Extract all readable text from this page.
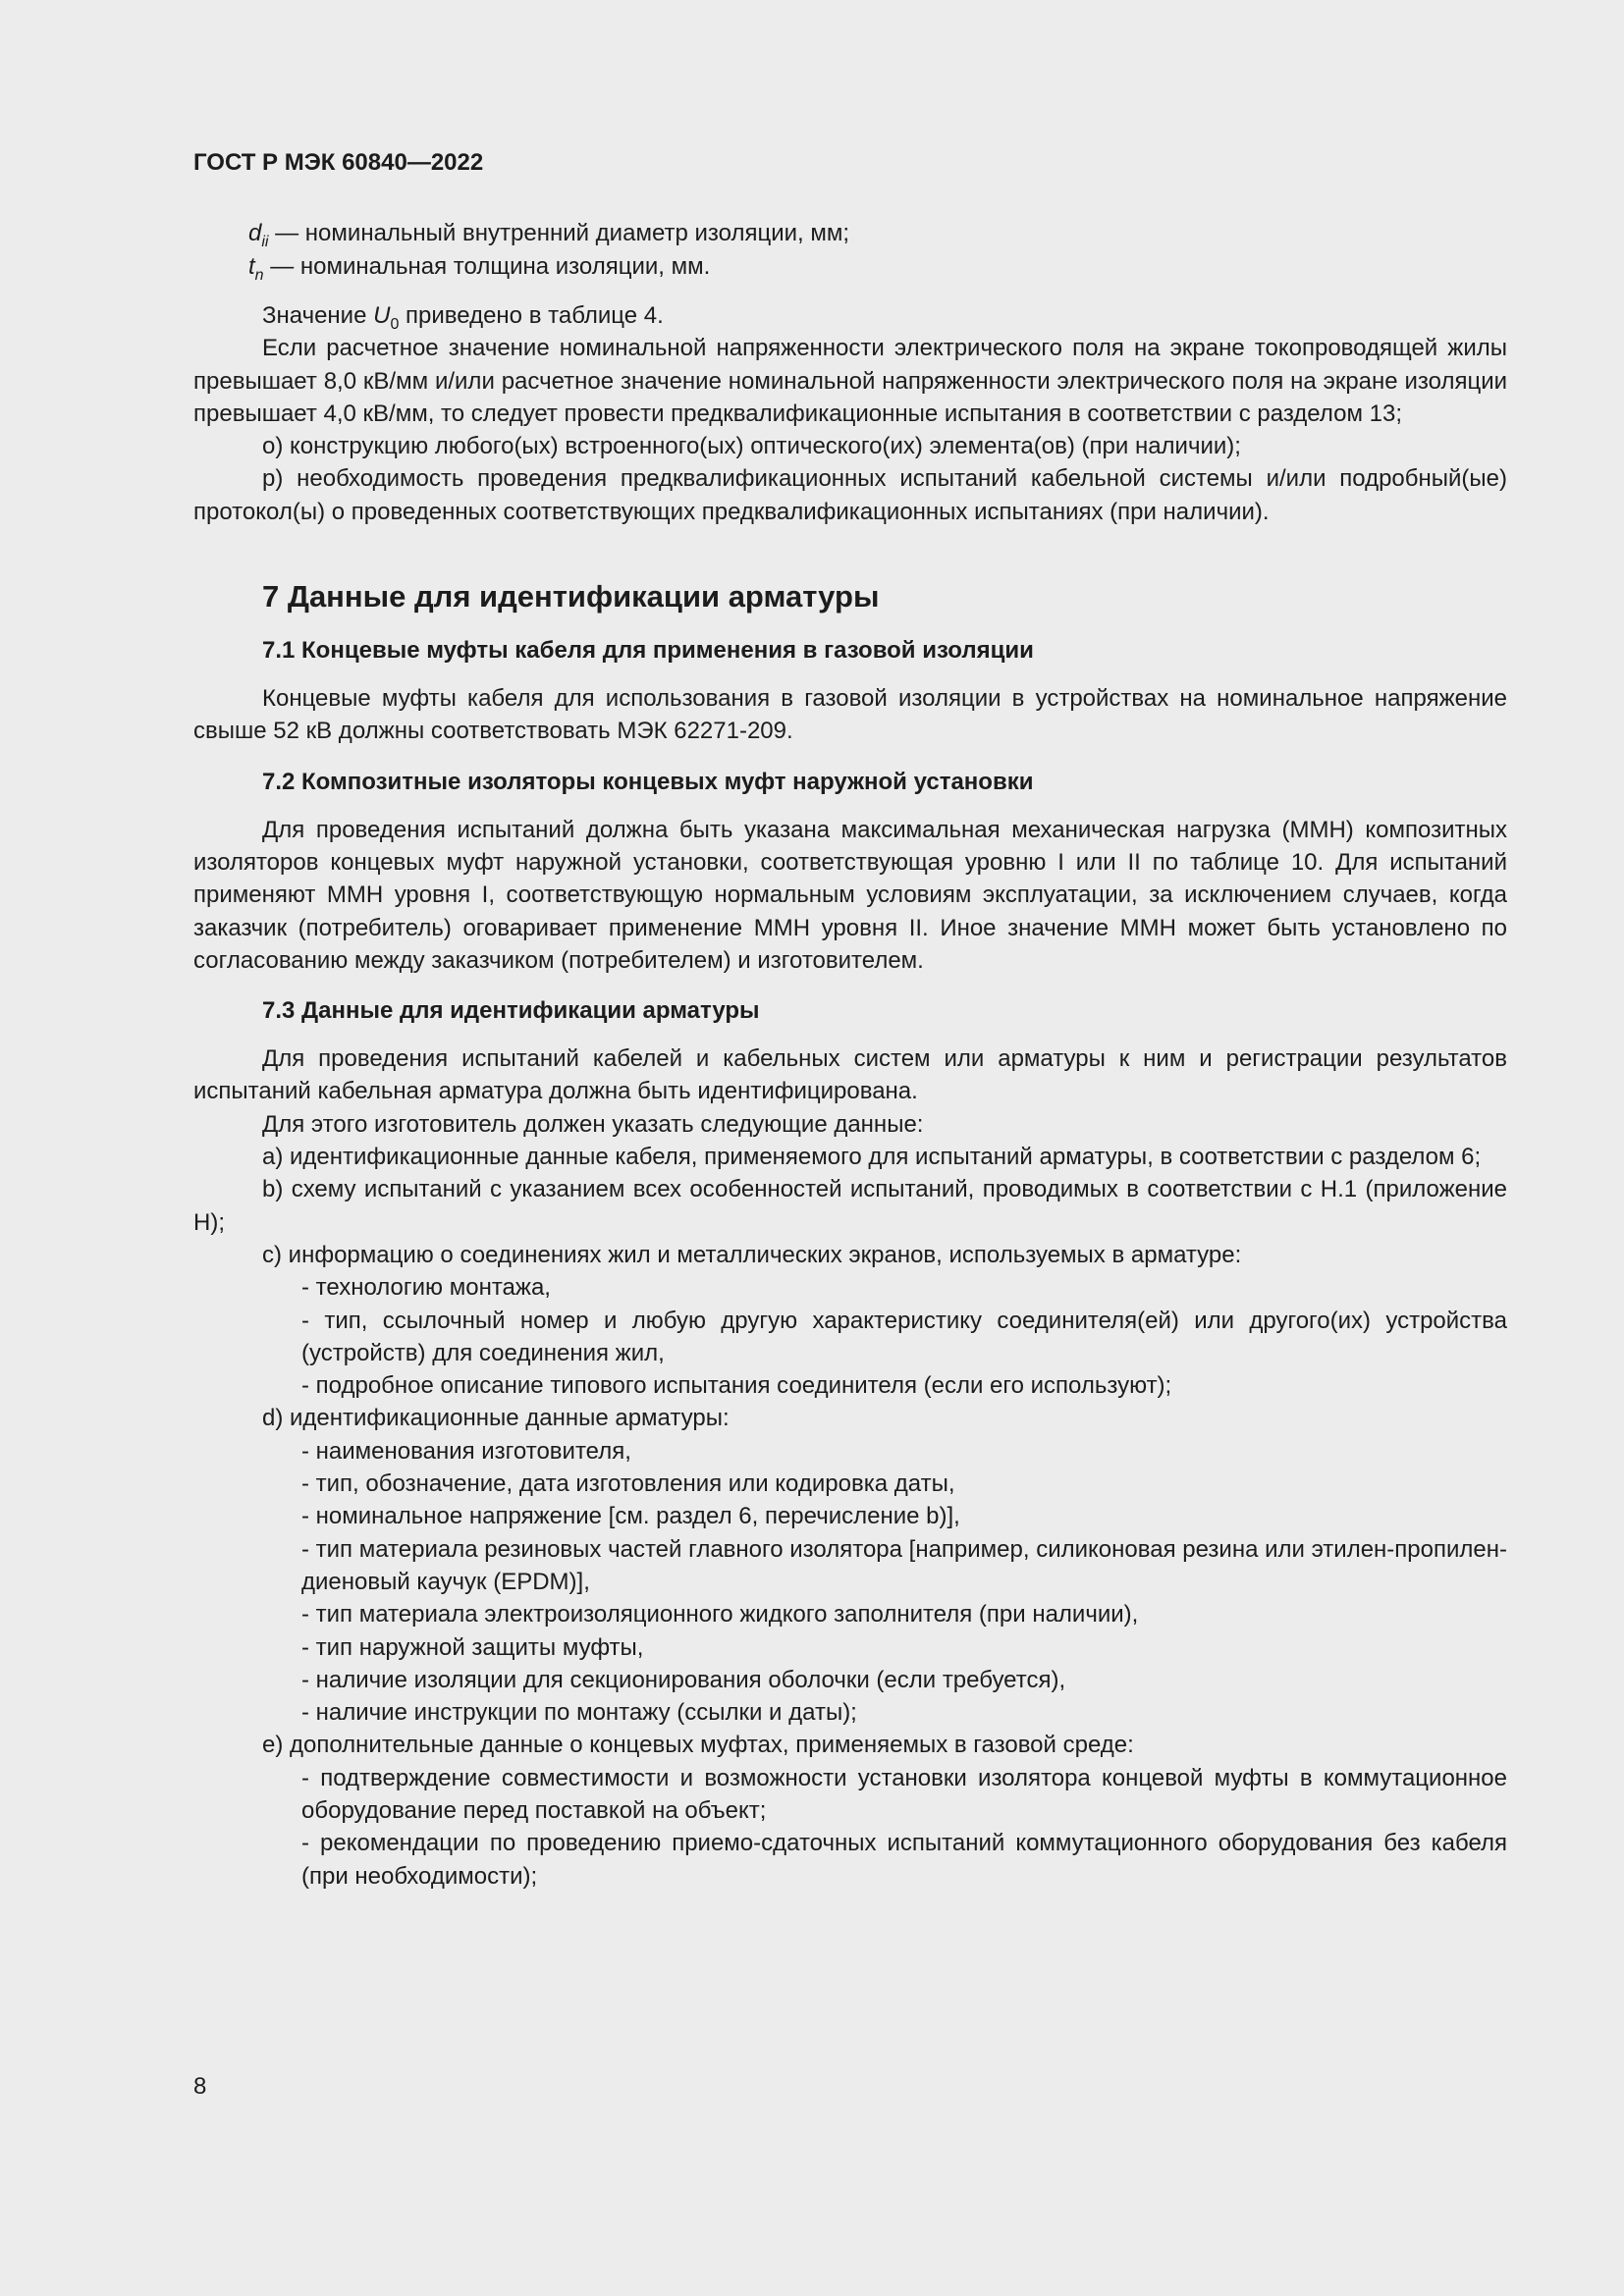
ГОСТ Р МЭК 60840—2022
$d_{ii}$ — номинальный внутренний диаметр изоляции, мм;
$t_n$ — номинальная толщина изоляции, мм.

Значение $U_0$ приведено в таблице 4.

Если расчетное значение номинальной напряженности электрического поля на экране токопроводящей жилы превышает 8,0 кВ/мм и/или расчетное значение номинальной напряженности электрического поля на экране изоляции превышает 4,0 кВ/мм, то следует провести предквалификационные испытания в соответствии с разделом 13;

о) конструкцию любого(ых) встроенного(ых) оптического(их) элемента(ов) (при наличии);

p) необходимость проведения предквалификационных испытаний кабельной системы и/или подробный(ые) протокол(ы) о проведенных соответствующих предквалификационных испытаниях (при наличии).

7 Данные для идентификации арматуры
7.1 Концевые муфты кабеля для применения в газовой изоляции

Концевые муфты кабеля для использования в газовой изоляции в устройствах на номинальное напряжение свыше 52 кВ должны соответствовать МЭК 62271-209.

7.2 Композитные изоляторы концевых муфт наружной установки

Для проведения испытаний должна быть указана максимальная механическая нагрузка (ММН) композитных изоляторов концевых муфт наружной установки, соответствующая уровню I или II по таблице 10. Для испытаний применяют ММН уровня I, соответствующую нормальным условиям эксплуатации, за исключением случаев, когда заказчик (потребитель) оговаривает применение ММН уровня II. Иное значение ММН может быть установлено по согласованию между заказчиком (потребителем) и изготовителем.

7.3 Данные для идентификации арматуры

Для проведения испытаний кабелей и кабельных систем или арматуры к ним и регистрации результатов испытаний кабельная арматура должна быть идентифицирована.

Для этого изготовитель должен указать следующие данные:

a) идентификационные данные кабеля, применяемого для испытаний арматуры, в соответствии с разделом 6;

b) схему испытаний с указанием всех особенностей испытаний, проводимых в соответствии с H.1 (приложение H);

c) информацию о соединениях жил и металлических экранов, используемых в арматуре:

- технологию монтажа,

- тип, ссылочный номер и любую другую характеристику соединителя(ей) или другого(их) устройства (устройств) для соединения жил,

- подробное описание типового испытания соединителя (если его используют);

d) идентификационные данные арматуры:

- наименования изготовителя,

- тип, обозначение, дата изготовления или кодировка даты,

- номинальное напряжение [см. раздел 6, перечисление b)],

- тип материала резиновых частей главного изолятора [например, силиконовая резина или этилен-пропилен-диеновый каучук (EPDM)],

- тип материала электроизоляционного жидкого заполнителя (при наличии),

- тип наружной защиты муфты,

- наличие изоляции для секционирования оболочки (если требуется),

- наличие инструкции по монтажу (ссылки и даты);

e) дополнительные данные о концевых муфтах, применяемых в газовой среде:

- подтверждение совместимости и возможности установки изолятора концевой муфты в коммутационное оборудование перед поставкой на объект;

- рекомендации по проведению приемо-сдаточных испытаний коммутационного оборудования без кабеля (при необходимости);

8
